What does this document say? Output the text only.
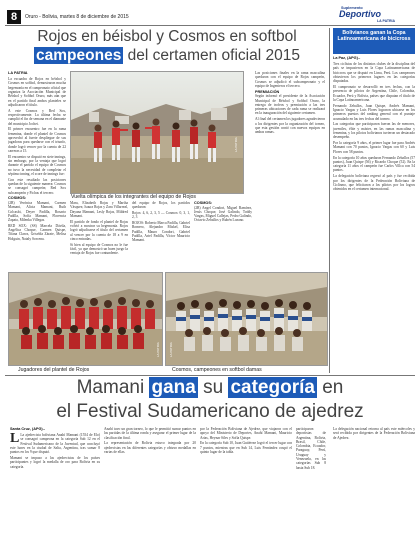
8	Oruro - Bolivia, martes 8 de diciembre de 2015
Suplemento
Deportivo
LA PATRIA
Rojos en béisbol y Cosmos en softbol
campeones del certamen oficial 2015
LA PATRIA

La escuadra de Rojos en béisbol y Cosmos en softbol, demostraron mucha hegemonía en el campeonato oficial que organiza la Asociación Municipal de Béisbol y Softbol Oruro, más aún que en el partido final ambos planteles se adjudicaron el título.

A este Cosmos y Red Sox, respectivamente. La última fecha se cumplió el fin de semana en el diamante del municipio Jochei.

El primer encuentro fue en la rama femenina, donde el plantel de Cosmos aprovechó al fuerte despliegue de sus jugadoras para quedarse con el triunfo, donde logró vencer por la cuenta de 22 carreras a 15.

El encuentro se disputó en siete innings, sin embargo, por la ventaja que logró durante el partido el equipo de Cosmos no tuvo la necesidad de completar el séptimo inning, el score de innings fue:

Con este resultado las posiciones quedan de la siguiente manera: Cosmos se consagró campeón; Red Sox subcampeón y Fichas el tercero.

COSMOS:

(2B) Verónica Mamani, Carmen Mamani, Alicia Mamani, Ruth Colcasbi, Deyer Padilla, Rosario Padilla, Sofía Mamani, Florencia Zapata, Milenka Villegas.

RED SOX: (SS) Marcela Dávila, Angélica Choque, Carmen Quispe, Tifana Claros, Griselda Zárate, Melisa Holguin, Nataly Sorcena.

LA PATRIA
Vuelta olímpica de los integrantes del equipo de Rojos

Mara, Elizabeth Rojas y Martha Vásquez; Isaura Rojas y Zara Villarreal, Dayana Mamani, Lesly Rojas, Mildred Mamani.

El partido de fondo el plantel de Rojas volvió a mostrar su hegemonía. Rojos logró adjudicarse el título del certamen al vencer por la cuenta de 18 a 9 en cinco entradas.

Si bien al equipo de Cosmos no le fue fácil, ya que demostró un buen juego la ventaja de Rojos fue contundente.

del equipo de Rojos, los partidos quedaron:

Rojos: 4, 6, 2, 3, 5 — Cosmos: 0, 3, 1, 2, 3

ROJOS: Roberto Marca Padilla, Gabriel Romero, Alejandro Miskel, Elisa Padilla, Mauro Condori, Gabriel Padilla, Ariel Padilla, Víctor Mauricio Mamani.

COSMOS:

(2B) Angel Condori, Miguel Ramírez, Jesús Choque, José Galindo, Toddy Vargas, Miguel Callejas, Pedro Galindo, Octavio Zeballos y Rubén Lozano.

Las posiciones finales en la rama masculina quedaron con el equipo de Rojos campeón, Cosmos se adjudicó el subcampeonato y el equipo de Ingenieros el tercero.

PREMIACIÓN

Según informó el presidente de la Asociación Municipal de Béisbol y Softbol Oruro, la entrega de trofeos y premiación a las tres primeras ubicaciones de cada rama se realizará en la inauguración del siguiente certamen.

Al final del certamen los jugadores agradecieron a los dirigentes por la organización del torneo, que esta gestión contó con nuevos equipos en ambas ramas.

LA PATRIA
Jugadores del plantel de Rojos
LA PATRIA
Cosmos, campeones en softbol damas
Bolivianos ganan la Copa Latinoamericana de bicicross
La Paz, (APG).-

Tres ciclistas de los distintos clubes de la disciplina del país se impusieron en la Copa Latinoamericana de bicicross que se disputó en Lima, Perú. Los campeones obtuvieron los primeros lugares en las categorías disputadas.

El campeonato se desarrolló en tres fechas, con la presencia de pilotos de Argentina, Chile, Colombia, Ecuador, Perú y Bolivia, países que disputan el título de la Copa Latinoamericana.

Fernando Zeballos, Juan Quispe, Andrés Mamani, Ignacio Vargas y Luis Flores lograron ubicarse en los primeros puestos del ranking general con el puntaje acumulado en las tres fechas del torneo.

Las categorías que participaron fueron las de menores, juveniles, élite y máster, en las ramas masculina y femenina, y los pilotos bolivianos tuvieron un destacado desempeño.

Por la categoría 9 años, el primer lugar fue para Andrés Mamani con 70 puntos, Ignacio Vargas con 60 y Luis Flores con 58 puntos.

En la categoría 10 años quedaron Fernando Zeballos (57 puntos), Juan Quispe (56) y Ricardo Choque (52). En la categoría 11 años el campeón fue Carlos Villca con 54 puntos.

La delegación boliviana regresó al país y fue recibida por los dirigentes de la Federación Boliviana de Ciclismo, que felicitaron a los pilotos por los logros obtenidos en el certamen internacional.

Mamani gana su categoría en
el Festival Sudamericano de ajedrez
Santa Cruz, (APG).-

L La ajedrecista boliviana Anahí Mamani (1554 de Elo) se consagró campeona en la categoría Sub 12 en el Festival Sudamericano de la Juventud, que concluyó este lunes en la ciudad de Salta, Argentina, tras sumar 8 puntos en los 9 que disputó.

Mamani se impuso a las ajedrecistas de los países participantes y logró la medalla de oro para Bolivia en su categoría.

Anahí tuvo un gran torneo, lo que le permitió sumar puntos en las partidas de la última ronda y asegurar el primer lugar de la clasificación final.

La representación de Bolivia estuvo integrada por 20 ajedrecistas en las diferentes categorías y obtuvo medallas en varias de ellas.

por la Federación Boliviana de Ajedrez, que viajaron con el apoyo del Ministerio de Deportes, Anahí Mamani, Mauricio Arias, Heynar Siles y Sofía Quispe.

En la categoría Sub 10, Juan Gutiérrez logró el tercer lugar con 7 puntos, mientras que en Sub 14, Luis Fernández ocupó el quinto lugar de la tabla.

participaron deportistas de Argentina, Bolivia, Brasil, Chile, Colombia, Ecuador, Paraguay, Perú, Uruguay y Venezuela, en las categorías Sub 8 hasta Sub 18.

La delegación nacional retorna al país este miércoles y será recibida por dirigentes de la Federación Boliviana de Ajedrez.
